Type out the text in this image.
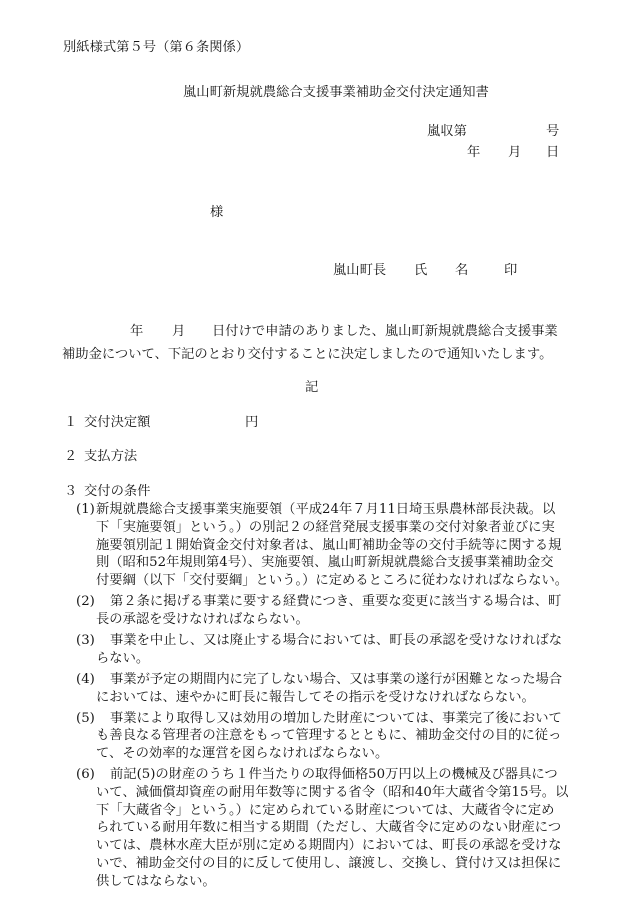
別紙様式第５号（第６条関係）
嵐山町新規就農総合支援事業補助金交付決定通知書
嵐収第	号
年 月 日
様
嵐山町長 氏 名	印
年 月 日付けで申請のありました、嵐山町新規就農総合支援事業
補助金について、下記のとおり交付することに決定しましたので通知いたします。
記
１ 交付決定額	円
２ 支払方法
３ 交付の条件
(1) 新規就農総合支援事業実施要領（平成24年７月11日埼玉県農林部長決裁。以
下「実施要領」という。）の別記２の経営発展支援事業の交付対象者並びに実
施要領別記１開始資金交付対象者は、嵐山町補助金等の交付手続等に関する規
則（昭和52年規則第4号）、実施要領、嵐山町新規就農総合支援事業補助金交
付要綱（以下「交付要綱」という。）に定めるところに従わなければならない。
(2)	第２条に掲げる事業に要する経費につき、重要な変更に該当する場合は、町
長の承認を受けなければならない。
(3)	事業を中止し、又は廃止する場合においては、町長の承認を受けなければな
らない。
(4)	事業が予定の期間内に完了しない場合、又は事業の遂行が困難となった場合
においては、速やかに町長に報告してその指示を受けなければならない。
(5)	事業により取得し又は効用の増加した財産については、事業完了後において
も善良なる管理者の注意をもって管理するとともに、補助金交付の目的に従っ
て、その効率的な運営を図らなければならない。
(6)	前記(5)の財産のうち１件当たりの取得価格50万円以上の機械及び器具につ
いて、減価償却資産の耐用年数等に関する省令（昭和40年大蔵省令第15号。以
下「大蔵省令」という。）に定められている財産については、大蔵省令に定め
られている耐用年数に相当する期間（ただし、大蔵省令に定めのない財産につ
いては、農林水産大臣が別に定める期間内）においては、町長の承認を受けな
いで、補助金交付の目的に反して使用し、譲渡し、交換し、貸付け又は担保に
供してはならない。
